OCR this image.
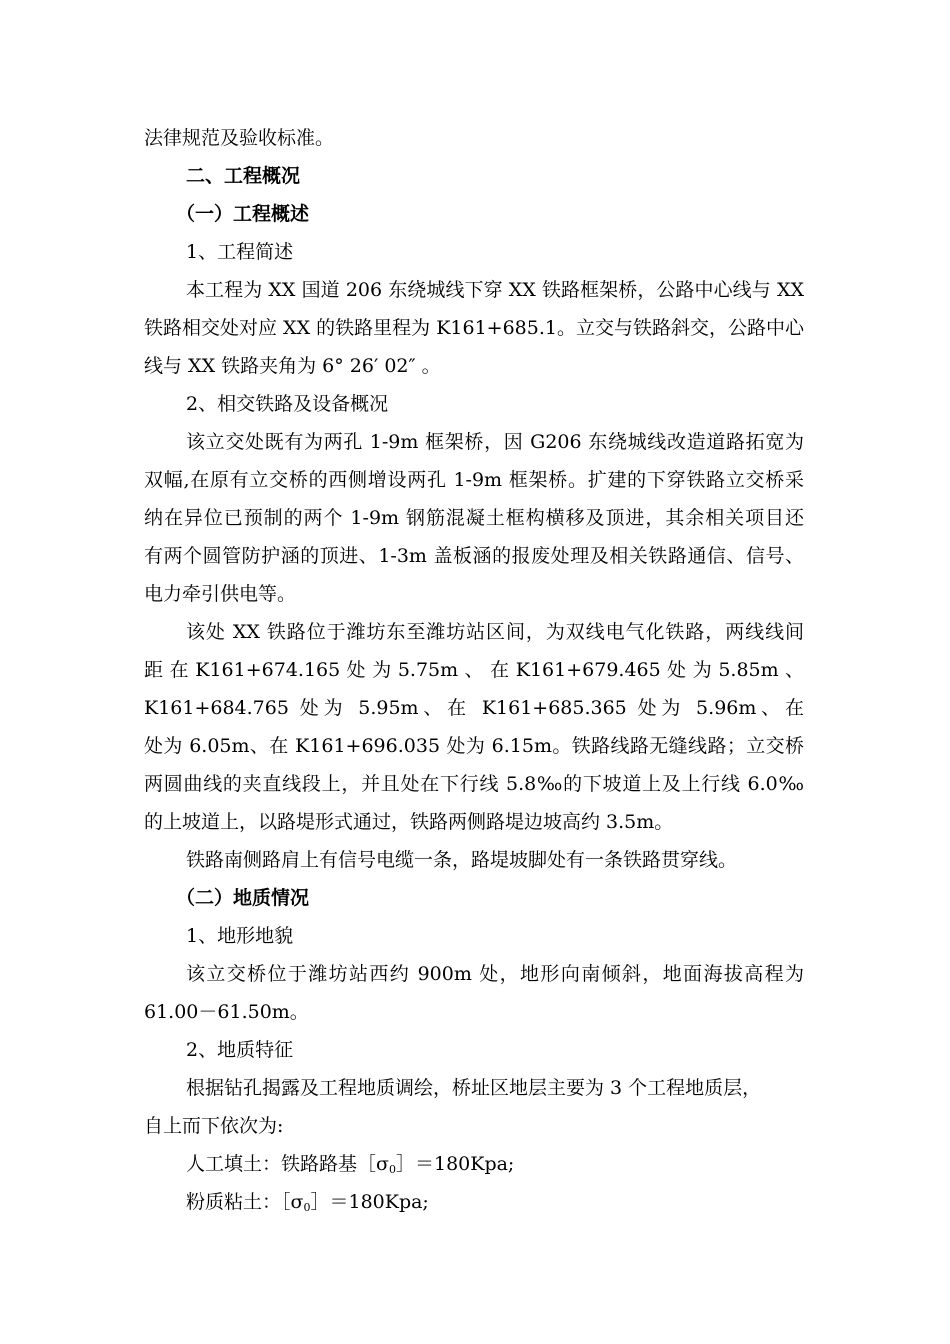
法律规范及验收标准。
二、工程概况
（一）工程概述
1、工程简述
本工程为 XX 国道 206 东绕城线下穿 XX 铁路框架桥，公路中心线与 XX
铁路相交处对应 XX 的铁路里程为 K161+685.1。立交与铁路斜交，公路中心
线与 XX 铁路夹角为 6° 26′ 02″ 。
2、相交铁路及设备概况
该立交处既有为两孔 1-9m 框架桥，因 G206 东绕城线改造道路拓宽为
双幅,在原有立交桥的西侧增设两孔 1-9m 框架桥。扩建的下穿铁路立交桥采
纳在异位已预制的两个 1-9m 钢筋混凝土框构横移及顶进，其余相关项目还
有两个圆管防护涵的顶进、1-3m 盖板涵的报废处理及相关铁路通信、信号、
电力牵引供电等。
该处 XX 铁路位于潍坊东至潍坊站区间，为双线电气化铁路，两线线间
距 在 K161+674.165 处 为 5.75m 、 在 K161+679.465 处 为 5.85m 、
K161+684.765 处为 5.95m、在 K161+685.365 处为 5.96m、在
处为 6.05m、在 K161+696.035 处为 6.15m。铁路线路无缝线路；立交桥
两圆曲线的夹直线段上，并且处在下行线 5.8‰的下坡道上及上行线 6.0‰
的上坡道上，以路堤形式通过，铁路两侧路堤边坡高约 3.5m。
铁路南侧路肩上有信号电缆一条，路堤坡脚处有一条铁路贯穿线。
（二）地质情况
1、地形地貌
该立交桥位于潍坊站西约 900m 处，地形向南倾斜，地面海拔高程为
61.00－61.50m。
2、地质特征
根据钻孔揭露及工程地质调绘，桥址区地层主要为 3 个工程地质层，
自上而下依次为:
人工填土：铁路路基$[\sigma_0]=180Kpa$;
粉质粘土：$[\sigma_0]=180Kpa$;
